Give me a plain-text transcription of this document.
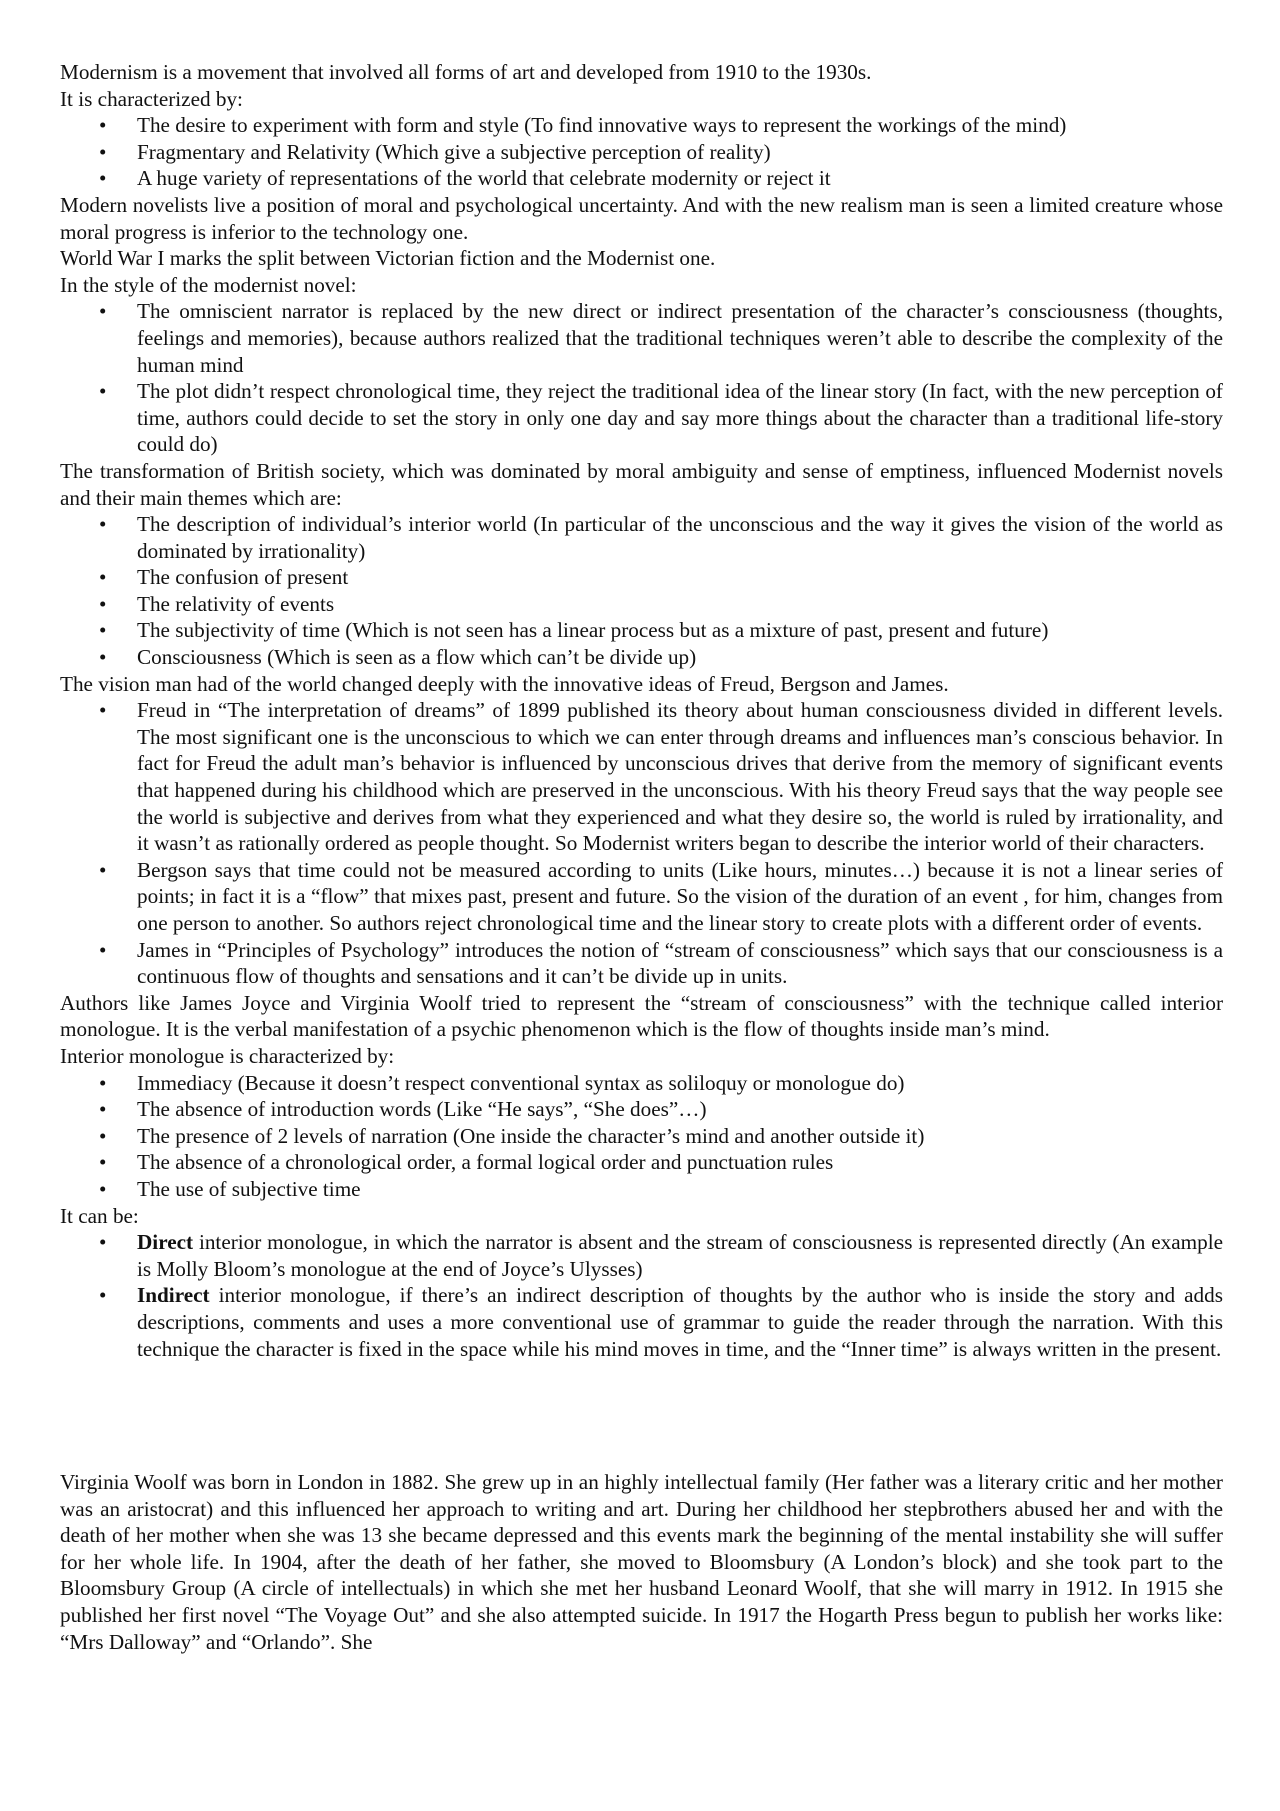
Modernism is a movement that involved all forms of art and developed from 1910 to the 1930s.

It is characterized by:

• The desire to experiment with form and style (To find innovative ways to represent the workings of the mind)
• Fragmentary and Relativity (Which give a subjective perception of reality)
• A huge variety of representations of the world that celebrate modernity or reject it

Modern novelists live a position of moral and psychological uncertainty. And with the new realism man is seen a limited creature whose moral progress is inferior to the technology one.

World War I marks the split between Victorian fiction and the Modernist one.

In the style of the modernist novel:

• The omniscient narrator is replaced by the new direct or indirect presentation of the character’s consciousness (thoughts, feelings and memories), because authors realized that the traditional techniques weren’t able to describe the complexity of the human mind
• The plot didn’t respect chronological time, they reject the traditional idea of the linear story (In fact, with the new perception of time, authors could decide to set the story in only one day and say more things about the character than a traditional life-story could do)

The transformation of British society, which was dominated by moral ambiguity and sense of emptiness, influenced Modernist novels and their main themes which are:

• The description of individual’s interior world (In particular of the unconscious and the way it gives the vision of the world as dominated by irrationality)
• The confusion of present
• The relativity of events
• The subjectivity of time (Which is not seen has a linear process but as a mixture of past, present and future)
• Consciousness (Which is seen as a flow which can’t be divide up)

The vision man had of the world changed deeply with the innovative ideas of Freud, Bergson and James.

• Freud in “The interpretation of dreams” of 1899 published its theory about human consciousness divided in different levels. The most significant one is the unconscious to which we can enter through dreams and influences man’s conscious behavior. In fact for Freud the adult man’s behavior is influenced by unconscious drives that derive from the memory of significant events that happened during his childhood which are preserved in the unconscious. With his theory Freud says that the way people see the world is subjective and derives from what they experienced and what they desire so, the world is ruled by irrationality, and it wasn’t as rationally ordered as people thought. So Modernist writers began to describe the interior world of their characters.
• Bergson says that time could not be measured according to units (Like hours, minutes…) because it is not a linear series of points; in fact it is a “flow” that mixes past, present and future. So the vision of the duration of an event , for him, changes from one person to another. So authors reject chronological time and the linear story to create plots with a different order of events.
• James in “Principles of Psychology” introduces the notion of “stream of consciousness” which says that our consciousness is a continuous flow of thoughts and sensations and it can’t be divide up in units.

Authors like James Joyce and Virginia Woolf tried to represent the “stream of consciousness” with the technique called interior monologue. It is the verbal manifestation of a psychic phenomenon which is the flow of thoughts inside man’s mind.

Interior monologue is characterized by:

• Immediacy (Because it doesn’t respect conventional syntax as soliloquy or monologue do)
• The absence of introduction words (Like “He says”, “She does”…)
• The presence of 2 levels of narration (One inside the character’s mind and another outside it)
• The absence of a chronological order, a formal logical order and punctuation rules
• The use of subjective time

It can be:

• Direct interior monologue, in which the narrator is absent and the stream of consciousness is represented directly (An example is Molly Bloom’s monologue at the end of Joyce’s Ulysses)
• Indirect interior monologue, if there’s an indirect description of thoughts by the author who is inside the story and adds descriptions, comments and uses a more conventional use of grammar to guide the reader through the narration. With this technique the character is fixed in the space while his mind moves in time, and the “Inner time” is always written in the present.

Virginia Woolf was born in London in 1882. She grew up in an highly intellectual family (Her father was a literary critic and her mother was an aristocrat) and this influenced her approach to writing and art. During her childhood her stepbrothers abused her and with the death of her mother when she was 13 she became depressed and this events mark the beginning of the mental instability she will suffer for her whole life. In 1904, after the death of her father, she moved to Bloomsbury (A London’s block) and she took part to the Bloomsbury Group (A circle of intellectuals) in which she met her husband Leonard Woolf, that she will marry in 1912. In 1915 she published her first novel “The Voyage Out” and she also attempted suicide. In 1917 the Hogarth Press begun to publish her works like: “Mrs Dalloway” and “Orlando”. She
